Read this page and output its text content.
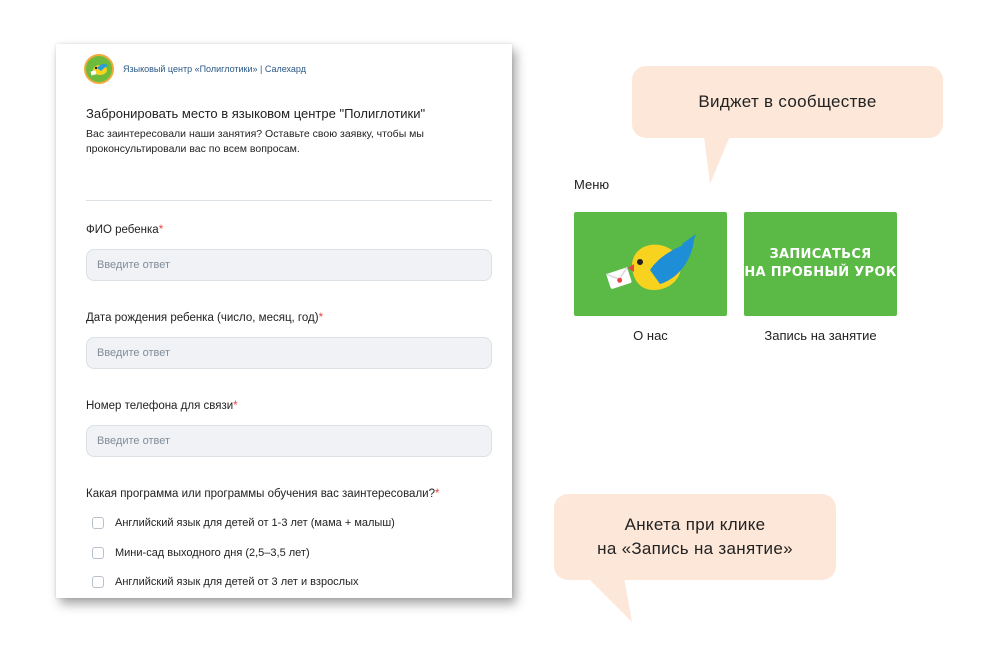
Языковый центр «Полиглотики» | Салехард
Забронировать место в языковом центре "Полиглотики"
Вас заинтересовали наши занятия? Оставьте свою заявку, чтобы мы проконсультировали вас по всем вопросам.
ФИО ребенка*
Введите ответ
Дата рождения ребенка (число, месяц, год)*
Введите ответ
Номер телефона для связи*
Введите ответ
Какая программа или программы обучения вас заинтересовали?*
Английский язык для детей от 1-3 лет (мама + малыш)
Мини-сад выходного дня (2,5–3,5 лет)
Английский язык для детей от 3 лет и взрослых
Виджет в сообществе
Анкета при клике
на «Запись на занятие»
Меню
О нас
ЗАПИСАТЬСЯ
НА ПРОБНЫЙ УРОК
Запись на занятие
